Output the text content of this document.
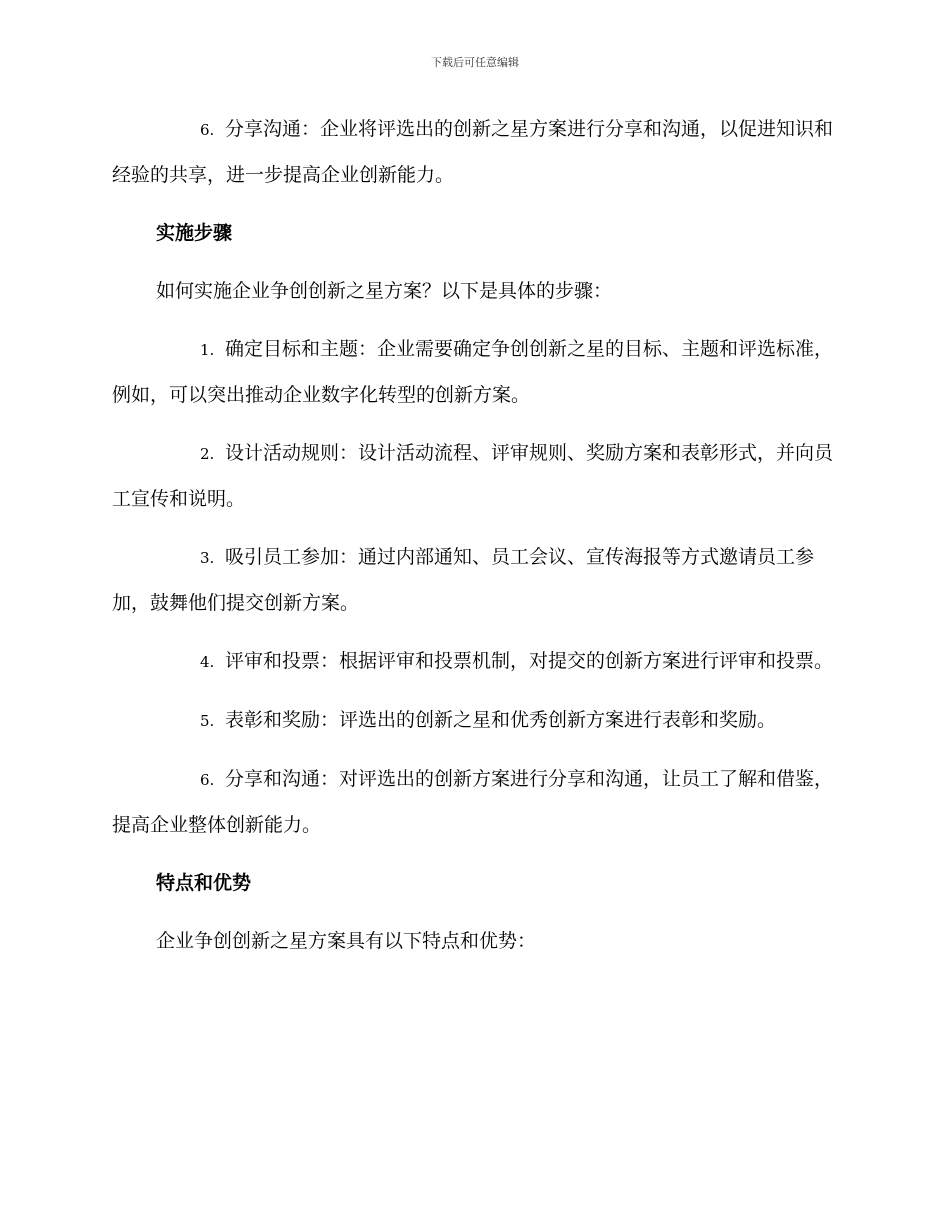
下载后可任意编辑

6. 分享沟通：企业将评选出的创新之星方案进行分享和沟通，以促进知识和经验的共享，进一步提高企业创新能力。

实施步骤

如何实施企业争创创新之星方案？以下是具体的步骤：

1. 确定目标和主题：企业需要确定争创创新之星的目标、主题和评选标准，例如，可以突出推动企业数字化转型的创新方案。

2. 设计活动规则：设计活动流程、评审规则、奖励方案和表彰形式，并向员工宣传和说明。

3. 吸引员工参加：通过内部通知、员工会议、宣传海报等方式邀请员工参加，鼓舞他们提交创新方案。

4. 评审和投票：根据评审和投票机制，对提交的创新方案进行评审和投票。

5. 表彰和奖励：评选出的创新之星和优秀创新方案进行表彰和奖励。

6. 分享和沟通：对评选出的创新方案进行分享和沟通，让员工了解和借鉴，提高企业整体创新能力。

特点和优势

企业争创创新之星方案具有以下特点和优势：
